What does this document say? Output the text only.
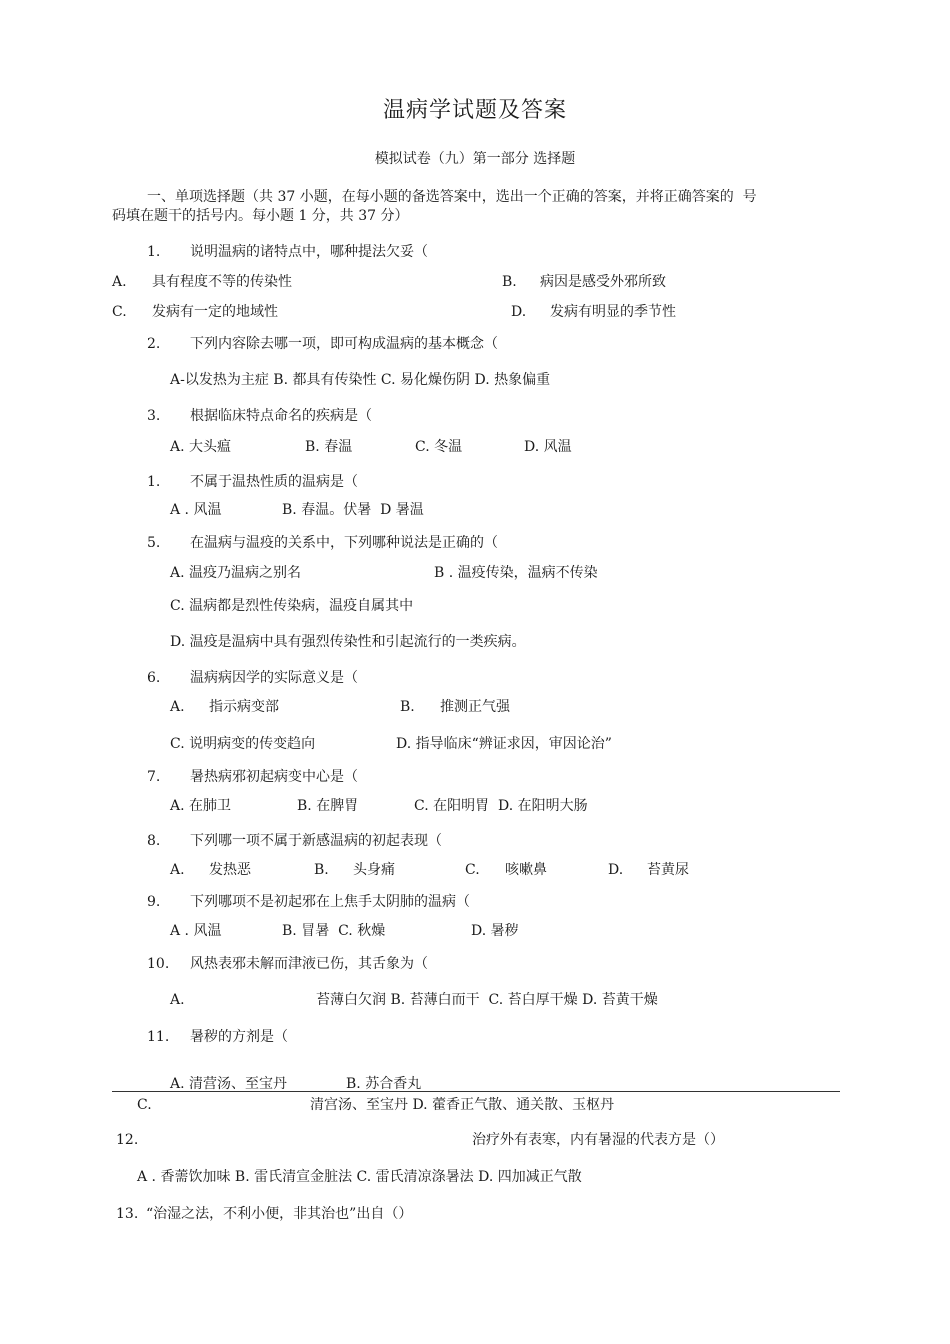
温病学试题及答案
模拟试卷（九）第一部分 选择题
一、单项选择题（共 37 小题，在每小题的备选答案中，选出一个正确的答案，并将正确答案的  号
码填在题干的括号内。每小题 1 分，共 37 分）
1. 说明温病的诸特点中，哪种提法欠妥（
A. 具有程度不等的传染性	B. 病因是感受外邪所致
C. 发病有一定的地域性	D. 发病有明显的季节性
2. 下列内容除去哪一项，即可构成温病的基本概念（
A-以发热为主症 B. 都具有传染性 C. 易化燥伤阴 D. 热象偏重
3. 根据临床特点命名的疾病是（
A. 大头瘟	B. 春温	C. 冬温	D. 风温
1. 不属于温热性质的温病是（
A . 风温	B. 春温。伏暑  D 暑温
5. 在温病与温疫的关系中，下列哪种说法是正确的（
A. 温疫乃温病之别名	B . 温疫传染，温病不传染
C. 温病都是烈性传染病，温疫自属其中
D. 温疫是温病中具有强烈传染性和引起流行的一类疾病。
6. 温病病因学的实际意义是（
A. 指示病变部	B. 推测正气强
C. 说明病变的传变趋向	D. 指导临床“辨证求因，审因论治”
7. 暑热病邪初起病变中心是（
A. 在肺卫	B. 在脾胃	C. 在阳明胃  D. 在阳明大肠
8. 下列哪一项不属于新感温病的初起表现（
A. 发热恶	B. 头身痛	C. 咳嗽鼻	D. 苔黄尿
9. 下列哪项不是初起邪在上焦手太阴肺的温病（
A . 风温	B. 冒暑  C. 秋燥	D. 暑秽
10. 风热表邪未解而津液已伤，其舌象为（
A.	苔薄白欠润 B. 苔薄白而干  C. 苔白厚干燥 D. 苔黄干燥
11. 暑秽的方剂是（
A. 清营汤、至宝丹	B. 苏合香丸
C.	清宫汤、至宝丹 D. 藿香正气散、通关散、玉枢丹
12.	治疗外有表寒，内有暑湿的代表方是（）
A . 香薷饮加味 B. 雷氏清宣金脏法 C. 雷氏清凉涤暑法 D. 四加减正气散
13. “治湿之法，不利小便，非其治也”出自（）
